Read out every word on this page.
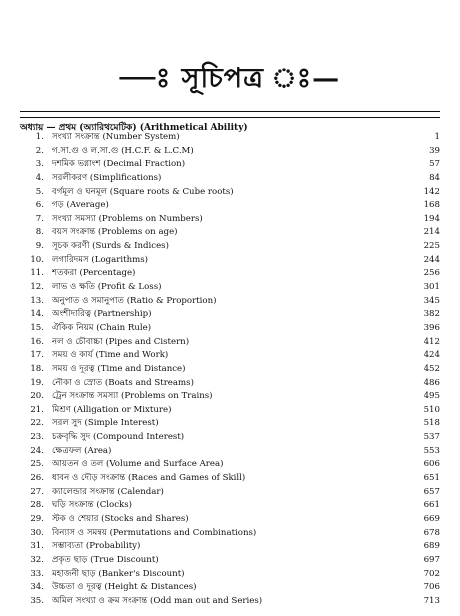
—ঃ সূচিপত্র ঃ—
অধ্যায় — প্রথম (অ্যারিথমেটিক) (Arithmetical Ability)
1. সংখ্যা সংক্রান্ত (Number System)	1
2. গ.সা.গু ও ল.সা.গু (H.C.F. & L.C.M)	39
3. দশমিক ভগ্নাংশ (Decimal Fraction)	57
4. সরলীকরণ (Simplifications)	84
5. বর্গমূল ও ঘনমূল (Square roots & Cube roots)	142
6. গড় (Average)	168
7. সংখ্যা সমস্যা (Problems on Numbers)	194
8. বয়স সংক্রান্ত (Problems on age)	214
9. সূচক করণী (Surds & Indices)	225
10. লগারিদমস (Logarithms)	244
11. শতকরা (Percentage)	256
12. লাভ ও ক্ষতি (Profit & Loss)	301
13. অনুপাত ও সমানুপাত (Ratio & Proportion)	345
14. অংশীদারিত্ব (Partnership)	382
15. ঐকিক নিয়ম (Chain Rule)	396
16. নল ও চৌবাচ্চা (Pipes and Cistern)	412
17. সময় ও কার্য (Time and Work)	424
18. সময় ও দূরত্ব (Time and Distance)	452
19. নৌকা ও স্রোত (Boats and Streams)	486
20. ট্রেন সংক্রান্ত সমস্যা (Problems on Trains)	495
21. মিশ্রণ (Alligation or Mixture)	510
22. সরল সুদ (Simple Interest)	518
23. চক্রবৃদ্ধি সুদ (Compound Interest)	537
24. ক্ষেত্রফল (Area)	553
25. আয়তন ও তল (Volume and Surface Area)	606
26. ধাবন ও দৌড় সংক্রান্ত (Races and Games of Skill)	651
27. ক্যালেন্ডার সংক্রান্ত (Calendar)	657
28. ঘড়ি সংক্রান্ত (Clocks)	661
29. স্টক ও শেয়ার (Stocks and Shares)	669
30. বিন্যাস ও সমন্বয় (Permutations and Combinations)	678
31. সম্ভাব্যতা (Probability)	689
32. প্রকৃত ছাড় (True Discount)	697
33. মহাজনী ছাড় (Banker's Discount)	702
34. উচ্চতা ও দূরত্ব (Height & Distances)	706
35. অমিল সংখ্যা ও ক্রম সংক্রান্ত (Odd man out and Series)	713
